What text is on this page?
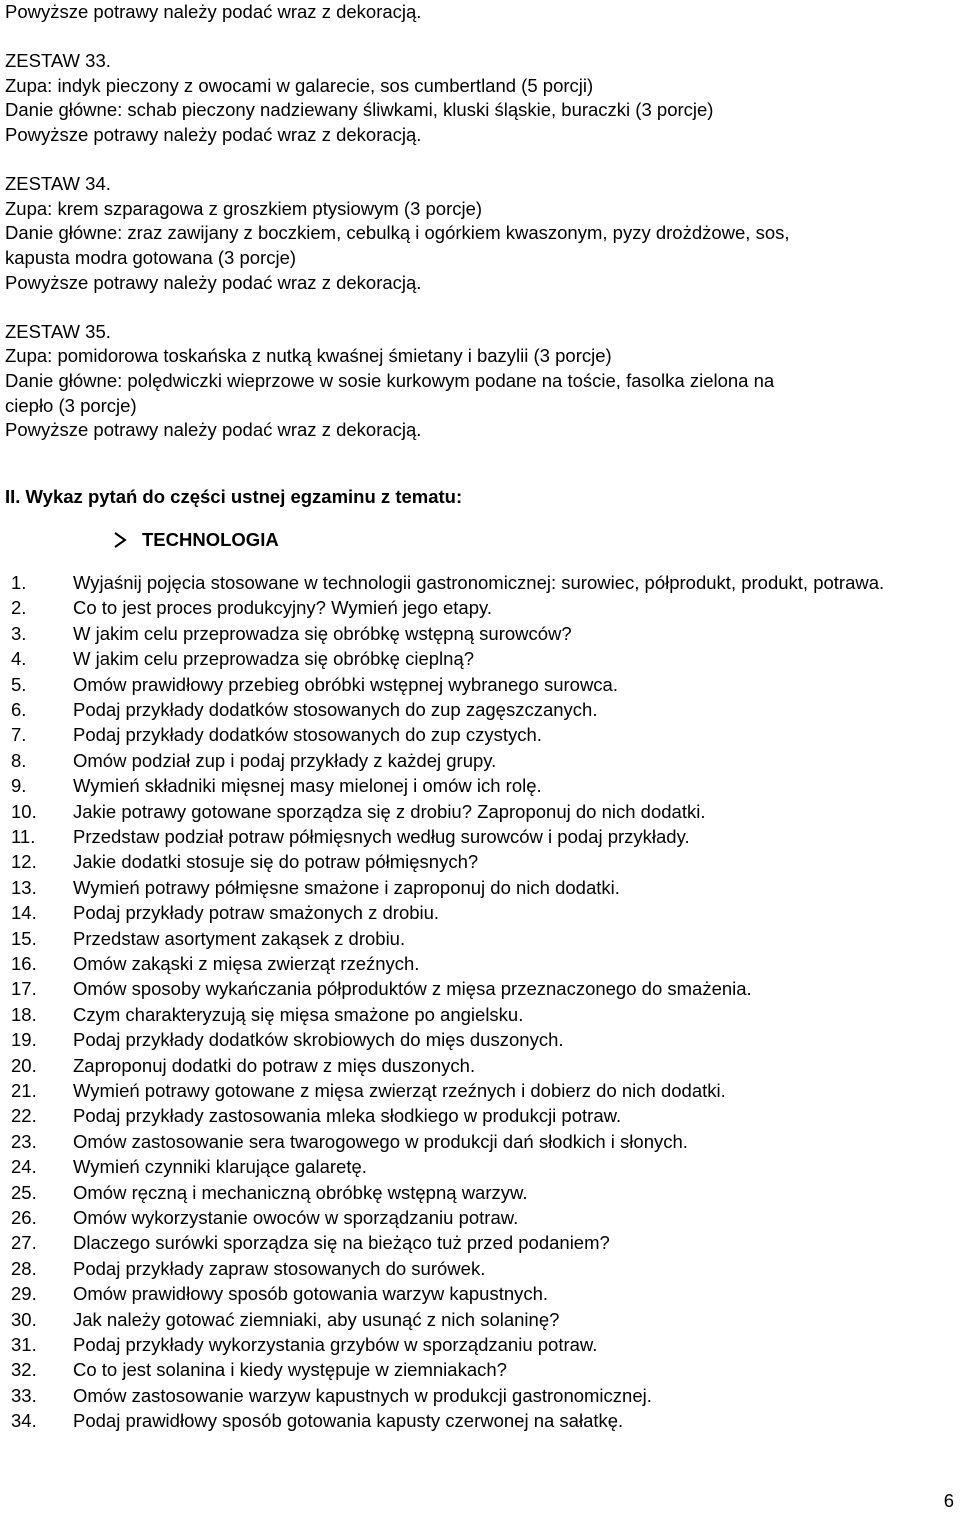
Powyższe potrawy należy podać wraz z dekoracją.
ZESTAW 33.
Zupa: indyk pieczony z owocami w galarecie, sos cumbertland (5 porcji)
Danie główne: schab pieczony nadziewany śliwkami, kluski śląskie, buraczki (3 porcje)
Powyższe potrawy należy podać wraz z dekoracją.
ZESTAW 34.
Zupa: krem szparagowa z groszkiem ptysiowym (3 porcje)
Danie główne: zraz zawijany z boczkiem, cebulką i ogórkiem kwaszonym, pyzy drożdżowe, sos,
kapusta modra gotowana (3 porcje)
Powyższe potrawy należy podać wraz z dekoracją.
ZESTAW 35.
Zupa: pomidorowa toskańska z nutką kwaśnej śmietany i bazylii (3 porcje)
Danie główne: polędwiczki wieprzowe w sosie kurkowym podane na toście, fasolka zielona na
ciepło (3 porcje)
Powyższe potrawy należy podać wraz z dekoracją.
II. Wykaz pytań do części ustnej egzaminu z tematu:
TECHNOLOGIA
1.	Wyjaśnij pojęcia stosowane w technologii gastronomicznej: surowiec, półprodukt, produkt, potrawa.
2.	Co to jest proces produkcyjny? Wymień jego etapy.
3.	W jakim celu przeprowadza się obróbkę wstępną surowców?
4.	W jakim celu przeprowadza się obróbkę cieplną?
5.	Omów prawidłowy przebieg obróbki wstępnej wybranego surowca.
6.	Podaj przykłady dodatków stosowanych do zup zagęszczanych.
7.	Podaj przykłady dodatków stosowanych do zup czystych.
8.	Omów podział zup i podaj przykłady z każdej grupy.
9.	Wymień składniki mięsnej masy mielonej i omów ich rolę.
10.	Jakie potrawy gotowane sporządza się z drobiu? Zaproponuj do nich dodatki.
11.	Przedstaw podział potraw półmięsnych według surowców i podaj przykłady.
12.	Jakie dodatki stosuje się do potraw półmięsnych?
13.	Wymień potrawy półmięsne smażone i zaproponuj do nich dodatki.
14.	Podaj przykłady potraw smażonych z drobiu.
15.	Przedstaw asortyment zakąsek z drobiu.
16.	Omów zakąski z mięsa zwierząt rzeźnych.
17.	Omów sposoby wykańczania półproduktów z mięsa przeznaczonego do smażenia.
18.	Czym charakteryzują się mięsa smażone po angielsku.
19.	Podaj przykłady dodatków skrobiowych do mięs duszonych.
20.	Zaproponuj dodatki do potraw z mięs duszonych.
21.	Wymień potrawy gotowane z mięsa zwierząt rzeźnych i dobierz do nich dodatki.
22.	Podaj przykłady zastosowania mleka słodkiego w produkcji potraw.
23.	Omów zastosowanie sera twarogowego w produkcji dań słodkich i słonych.
24.	Wymień czynniki klarujące galaretę.
25.	Omów ręczną i mechaniczną obróbkę wstępną warzyw.
26.	Omów wykorzystanie owoców w sporządzaniu potraw.
27.	Dlaczego surówki sporządza się na bieżąco tuż przed podaniem?
28.	Podaj przykłady zapraw stosowanych do surówek.
29.	Omów prawidłowy sposób gotowania warzyw kapustnych.
30.	Jak należy gotować ziemniaki, aby usunąć z nich solaninę?
31.	Podaj przykłady wykorzystania grzybów w sporządzaniu potraw.
32.	Co to jest solanina i kiedy występuje w ziemniakach?
33.	Omów zastosowanie warzyw kapustnych w produkcji gastronomicznej.
34.	Podaj prawidłowy sposób gotowania kapusty czerwonej na sałatkę.
6
